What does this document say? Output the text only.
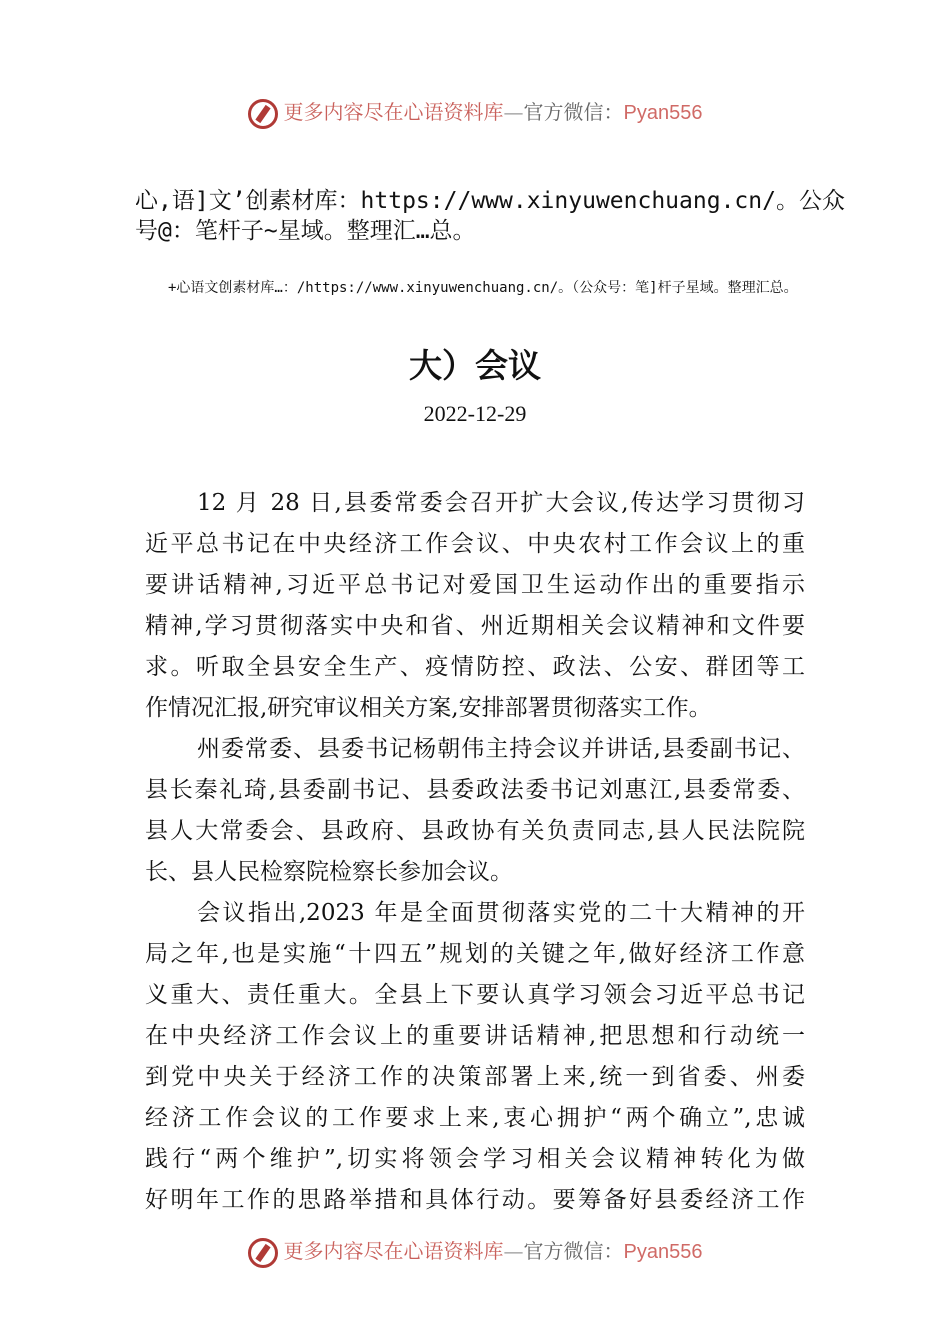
更多内容尽在心语资料库—官方微信：Pyan556
心,语]文’创素材库：https://www.xinyuwenchuang.cn/。公众号@：笔杆子~星域。整理汇…总。
+心语文创素材库…：/https://www.xinyuwenchuang.cn/。（公众号：笔]杆子星域。整理汇总。
大）会议
2022-12-29
12 月 28 日,县委常委会召开扩大会议,传达学习贯彻习
近平总书记在中央经济工作会议、中央农村工作会议上的重
要讲话精神,习近平总书记对爱国卫生运动作出的重要指示
精神,学习贯彻落实中央和省、州近期相关会议精神和文件要
求。听取全县安全生产、疫情防控、政法、公安、群团等工
作情况汇报,研究审议相关方案,安排部署贯彻落实工作。
州委常委、县委书记杨朝伟主持会议并讲话,县委副书记、
县长秦礼琦,县委副书记、县委政法委书记刘惠江,县委常委、
县人大常委会、县政府、县政协有关负责同志,县人民法院院
长、县人民检察院检察长参加会议。
会议指出,2023 年是全面贯彻落实党的二十大精神的开
局之年,也是实施“十四五”规划的关键之年,做好经济工作意
义重大、责任重大。全县上下要认真学习领会习近平总书记
在中央经济工作会议上的重要讲话精神,把思想和行动统一
到党中央关于经济工作的决策部署上来,统一到省委、州委
经济工作会议的工作要求上来,衷心拥护“两个确立”,忠诚
践行“两个维护”,切实将领会学习相关会议精神转化为做
好明年工作的思路举措和具体行动。要筹备好县委经济工作
更多内容尽在心语资料库—官方微信：Pyan556
